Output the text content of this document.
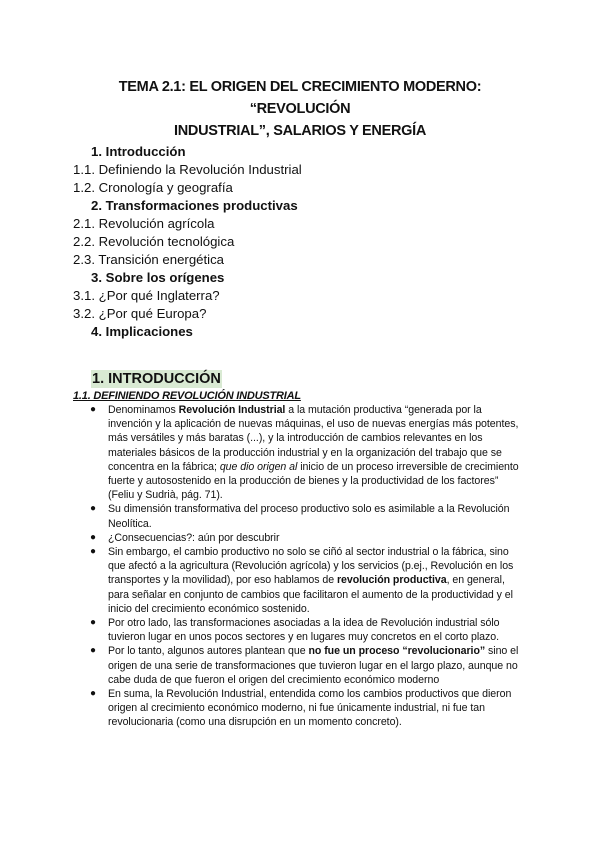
TEMA 2.1: EL ORIGEN DEL CRECIMIENTO MODERNO: “REVOLUCIÓN
INDUSTRIAL”, SALARIOS Y ENERGÍA
1. Introducción
1.1. Definiendo la Revolución Industrial
1.2. Cronología y geografía
2. Transformaciones productivas
2.1. Revolución agrícola
2.2. Revolución tecnológica
2.3. Transición energética
3. Sobre los orígenes
3.1. ¿Por qué Inglaterra?
3.2. ¿Por qué Europa?
4. Implicaciones
1. INTRODUCCIÓN
1.1. DEFINIENDO REVOLUCIÓN INDUSTRIAL
● Denominamos Revolución Industrial a la mutación productiva “generada por la invención y la aplicación de nuevas máquinas, el uso de nuevas energías más potentes, más versátiles y más baratas (...), y la introducción de cambios relevantes en los materiales básicos de la producción industrial y en la organización del trabajo que se concentra en la fábrica; que dio origen al inicio de un proceso irreversible de crecimiento fuerte y autosostenido en la producción de bienes y la productividad de los factores” (Feliu y Sudrià, pág. 71).
● Su dimensión transformativa del proceso productivo solo es asimilable a la Revolución Neolítica.
● ¿Consecuencias?: aún por descubrir
● Sin embargo, el cambio productivo no solo se ciñó al sector industrial o la fábrica, sino que afectó a la agricultura (Revolución agrícola) y los servicios (p.ej., Revolución en los transportes y la movilidad), por eso hablamos de revolución productiva, en general, para señalar en conjunto de cambios que facilitaron el aumento de la productividad y el inicio del crecimiento económico sostenido.
● Por otro lado, las transformaciones asociadas a la idea de Revolución industrial sólo tuvieron lugar en unos pocos sectores y en lugares muy concretos en el corto plazo.
● Por lo tanto, algunos autores plantean que no fue un proceso “revolucionario” sino el origen de una serie de transformaciones que tuvieron lugar en el largo plazo, aunque no cabe duda de que fueron el origen del crecimiento económico moderno
● En suma, la Revolución Industrial, entendida como los cambios productivos que dieron origen al crecimiento económico moderno, ni fue únicamente industrial, ni fue tan revolucionaria (como una disrupción en un momento concreto).
